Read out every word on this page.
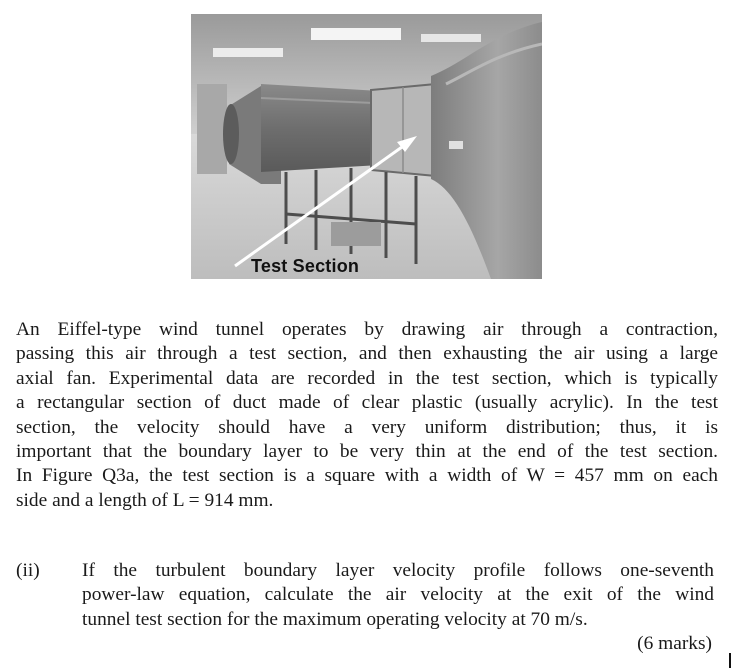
Test Section
An Eiffel-type wind tunnel operates by drawing air through a contraction,
passing this air through a test section, and then exhausting the air using a large
axial fan. Experimental data are recorded in the test section, which is typically
a rectangular section of duct made of clear plastic (usually acrylic). In the test
section, the velocity should have a very uniform distribution; thus, it is
important that the boundary layer to be very thin at the end of the test section.
In Figure Q3a, the test section is a square with a width of W = 457 mm on each
side and a length of L = 914 mm.
(ii) If the turbulent boundary layer velocity profile follows one-seventh
power-law equation, calculate the air velocity at the exit of the wind
tunnel test section for the maximum operating velocity at 70 m/s.
(6 marks)
